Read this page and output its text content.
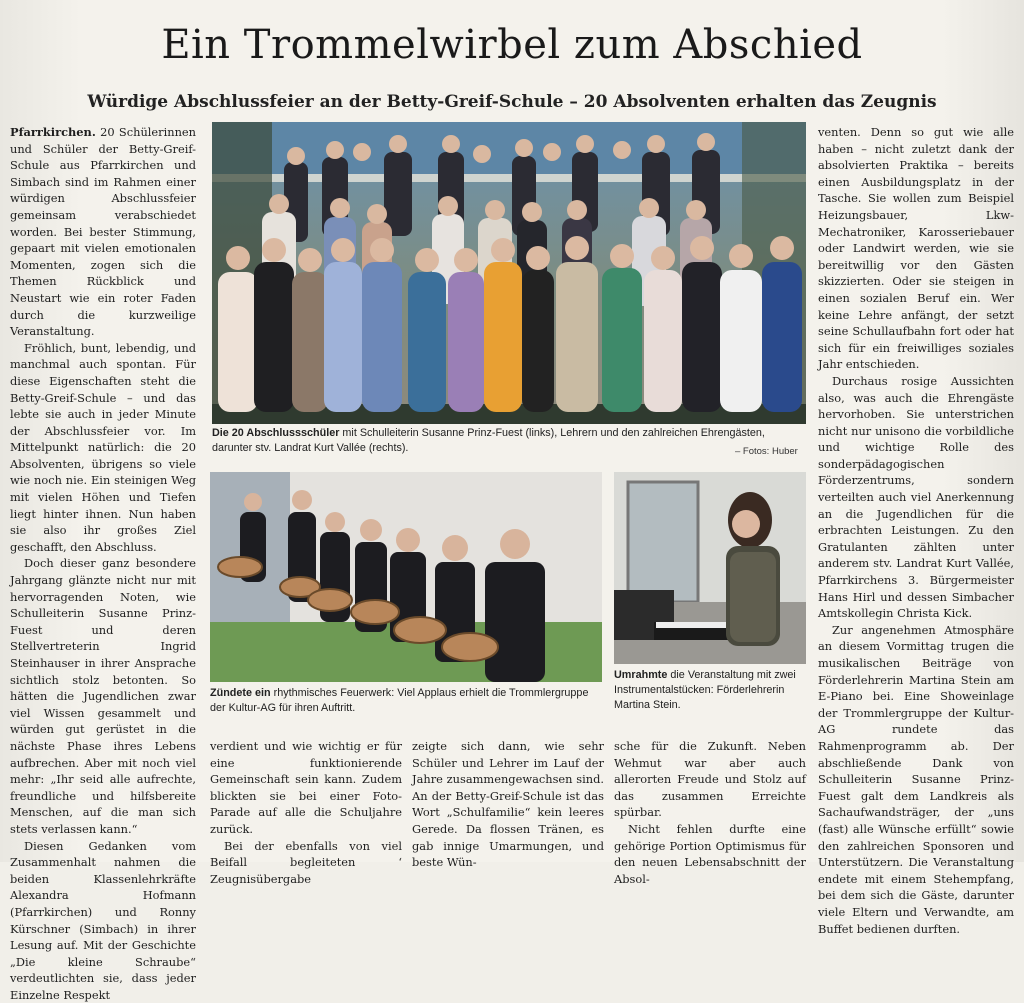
Ein Trommelwirbel zum Abschied
Würdige Abschlussfeier an der Betty-Greif-Schule – 20 Absolventen erhalten das Zeugnis

Pfarrkirchen. 20 Schülerinnen und Schüler der Betty-Greif-Schule aus Pfarrkirchen und Simbach sind im Rahmen einer würdigen Abschlussfeier gemeinsam verabschiedet worden. Bei bester Stimmung, gepaart mit vielen emotionalen Momenten, zogen sich die Themen Rückblick und Neustart wie ein roter Faden durch die kurzweilige Veranstaltung.

Fröhlich, bunt, lebendig, und manchmal auch spontan. Für diese Eigenschaften steht die Betty-Greif-Schule – und das lebte sie auch in jeder Minute der Abschlussfeier vor. Im Mittelpunkt natürlich: die 20 Absolventen, übrigens so viele wie noch nie. Ein steinigen Weg mit vielen Höhen und Tiefen liegt hinter ihnen. Nun haben sie also ihr großes Ziel geschafft, den Abschluss.

Doch dieser ganz besondere Jahrgang glänzte nicht nur mit hervorragenden Noten, wie Schulleiterin Susanne Prinz-Fuest und deren Stellvertreterin Ingrid Steinhauser in ihrer Ansprache sichtlich stolz betonten. So hätten die Jugendlichen zwar viel Wissen gesammelt und würden gut gerüstet in die nächste Phase ihres Lebens aufbrechen. Aber mit noch viel mehr: „Ihr seid alle aufrechte, freundliche und hilfsbereite Menschen, auf die man sich stets verlassen kann.“

Diesen Gedanken vom Zusammenhalt nahmen die beiden Klassenlehrkräfte Alexandra Hofmann (Pfarrkirchen) und Ronny Kürschner (Simbach) in ihrer Lesung auf. Mit der Geschichte „Die kleine Schraube“ verdeutlichten sie, dass jeder Einzelne Respekt

Die 20 Abschlussschüler mit Schulleiterin Susanne Prinz-Fuest (links), Lehrern und den zahlreichen Ehrengästen, darunter stv. Landrat Kurt Vallée (rechts).	– Fotos: Huber
Zündete ein rhythmisches Feuerwerk: Viel Applaus erhielt die Trommlergruppe der Kultur-AG für ihren Auftritt.
Umrahmte die Veranstaltung mit zwei Instrumentalstücken: Förderlehrerin Martina Stein.

verdient und wie wichtig er für eine funktionierende Gemeinschaft sein kann. Zudem blickten sie bei einer Foto-Parade auf alle die Schuljahre zurück.

Bei der ebenfalls von viel Beifall begleiteten ‘ Zeugnisübergabe

zeigte sich dann, wie sehr Schüler und Lehrer im Lauf der Jahre zusammengewachsen sind. An der Betty-Greif-Schule ist das Wort „Schulfamilie“ kein leeres Gerede. Da flossen Tränen, es gab innige Umarmungen, und beste Wün-

sche für die Zukunft. Neben Wehmut war aber auch allerorten Freude und Stolz auf das zusammen Erreichte spürbar.

Nicht fehlen durfte eine gehörige Portion Optimismus für den neuen Lebensabschnitt der Absol-

venten. Denn so gut wie alle haben – nicht zuletzt dank der absolvierten Praktika – bereits einen Ausbildungsplatz in der Tasche. Sie wollen zum Beispiel Heizungsbauer, Lkw-Mechatroniker, Karosseriebauer oder Landwirt werden, wie sie bereitwillig vor den Gästen skizzierten. Oder sie steigen in einen sozialen Beruf ein. Wer keine Lehre anfängt, der setzt seine Schullaufbahn fort oder hat sich für ein freiwilliges soziales Jahr entschieden.

Durchaus rosige Aussichten also, was auch die Ehrengäste hervorhoben. Sie unterstrichen nicht nur unisono die vorbildliche und wichtige Rolle des sonderpädagogischen Förderzentrums, sondern verteilten auch viel Anerkennung an die Jugendlichen für die erbrachten Leistungen. Zu den Gratulanten zählten unter anderem stv. Landrat Kurt Vallée, Pfarrkirchens 3. Bürgermeister Hans Hirl und dessen Simbacher Amtskollegin Christa Kick.

Zur angenehmen Atmosphäre an diesem Vormittag trugen die musikalischen Beiträge von Förderlehrerin Martina Stein am E-Piano bei. Eine Showeinlage der Trommlergruppe der Kultur-AG rundete das Rahmenprogramm ab. Der abschließende Dank von Schulleiterin Susanne Prinz-Fuest galt dem Landkreis als Sachaufwandsträger, der „uns (fast) alle Wünsche erfüllt“ sowie den zahlreichen Sponsoren und Unterstützern. Die Veranstaltung endete mit einem Stehempfang, bei dem sich die Gäste, darunter viele Eltern und Verwandte, am Buffet bedienen durften.
